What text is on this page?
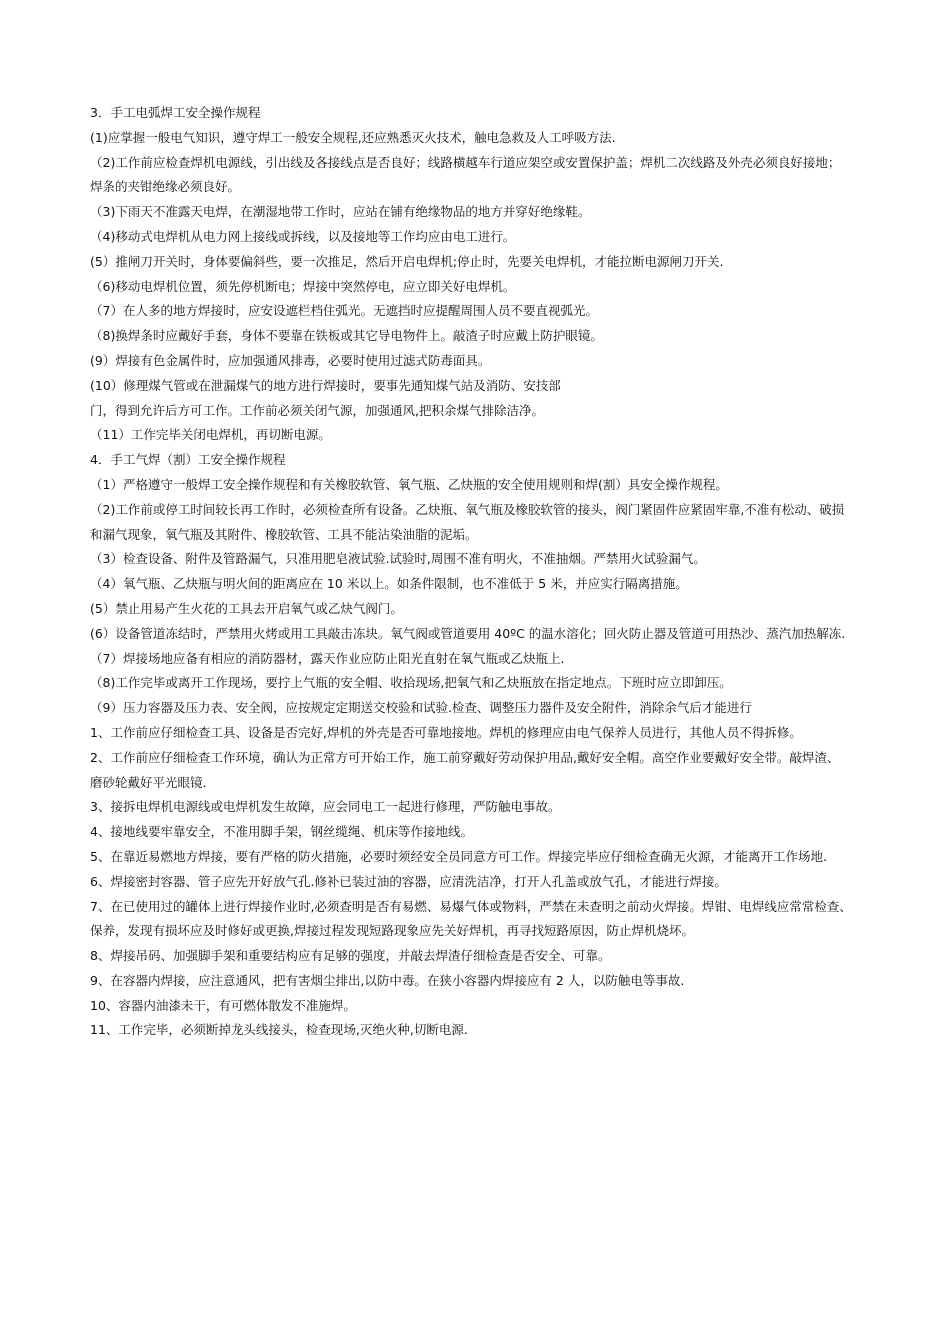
3．手工电弧焊工安全操作规程
(1)应掌握一般电气知识，遵守焊工一般安全规程,还应熟悉灭火技术，触电急救及人工呼吸方法.
（2)工作前应检查焊机电源线，引出线及各接线点是否良好；线路横越车行道应架空或安置保护盖；焊机二次线路及外壳必须良好接地；
焊条的夹钳绝缘必须良好。
（3)下雨天不准露天电焊，在潮湿地带工作时，应站在铺有绝缘物品的地方并穿好绝缘鞋。
（4)移动式电焊机从电力网上接线或拆线，以及接地等工作均应由电工进行。
(5）推闸刀开关时，身体要偏斜些，要一次推足，然后开启电焊机;停止时，先要关电焊机，才能拉断电源闸刀开关.
（6)移动电焊机位置，须先停机断电；焊接中突然停电，应立即关好电焊机。
（7）在人多的地方焊接时，应安设遮栏档住弧光。无遮挡时应提醒周围人员不要直视弧光。
（8)换焊条时应戴好手套，身体不要靠在铁板或其它导电物件上。敲渣子时应戴上防护眼镜。
(9）焊接有色金属件时，应加强通风排毒，必要时使用过滤式防毒面具。
(10）修理煤气管或在泄漏煤气的地方进行焊接时，要事先通知煤气站及消防、安技部
门，得到允许后方可工作。工作前必须关闭气源，加强通风,把积余煤气排除洁净。
（11）工作完毕关闭电焊机，再切断电源。
4．手工气焊（割）工安全操作规程
（1）严格遵守一般焊工安全操作规程和有关橡胶软管、氧气瓶、乙炔瓶的安全使用规则和焊(割）具安全操作规程。
（2)工作前或停工时间较长再工作时，必须检查所有设备。乙炔瓶、氧气瓶及橡胶软管的接头，阀门紧固件应紧固牢靠,不准有松动、破损
和漏气现象，氧气瓶及其附件、橡胶软管、工具不能沾染油脂的泥垢。
（3）检查设备、附件及管路漏气，只准用肥皂液试验.试验时,周围不准有明火，不准抽烟。严禁用火试验漏气。
（4）氧气瓶、乙炔瓶与明火间的距离应在 10 米以上。如条件限制，也不准低于 5 米，并应实行隔离措施。
(5）禁止用易产生火花的工具去开启氧气或乙炔气阀门。
(6）设备管道冻结时，严禁用火烤或用工具敲击冻块。氧气阀或管道要用 40ºC 的温水溶化；回火防止器及管道可用热沙、蒸汽加热解冻.
（7）焊接场地应备有相应的消防器材，露天作业应防止阳光直射在氧气瓶或乙炔瓶上.
（8)工作完毕或离开工作现场，要拧上气瓶的安全帽、收拾现场,把氧气和乙炔瓶放在指定地点。下班时应立即卸压。
（9）压力容器及压力表、安全阀，应按规定定期送交校验和试验.检查、调整压力器件及安全附件，消除余气后才能进行
1、工作前应仔细检查工具、设备是否完好,焊机的外壳是否可靠地接地。焊机的修理应由电气保养人员进行，其他人员不得拆修。
2、工作前应仔细检查工作环境，确认为正常方可开始工作，施工前穿戴好劳动保护用品,戴好安全帽。高空作业要戴好安全带。敲焊渣、
磨砂轮戴好平光眼镜.
3、接拆电焊机电源线或电焊机发生故障，应会同电工一起进行修理，严防触电事故。
4、接地线要牢靠安全，不准用脚手架，钢丝缆绳、机床等作接地线。
5、在靠近易燃地方焊接，要有严格的防火措施，必要时须经安全员同意方可工作。焊接完毕应仔细检查确无火源，才能离开工作场地.
6、焊接密封容器、管子应先开好放气孔.修补已装过油的容器，应清洗洁净，打开人孔盖或放气孔，才能进行焊接。
7、在已使用过的罐体上进行焊接作业时,必须查明是否有易燃、易爆气体或物料，严禁在未查明之前动火焊接。焊钳、电焊线应常常检查、
保养，发现有损坏应及时修好或更换,焊接过程发现短路现象应先关好焊机，再寻找短路原因，防止焊机烧坏。
8、焊接吊码、加强脚手架和重要结构应有足够的强度，并敲去焊渣仔细检查是否安全、可靠。
9、在容器内焊接，应注意通风，把有害烟尘排出,以防中毒。在狭小容器内焊接应有 2 人，以防触电等事故.
10、容器内油漆未干，有可燃体散发不准施焊。
11、工作完毕，必须断掉龙头线接头，检查现场,灭绝火种,切断电源.
